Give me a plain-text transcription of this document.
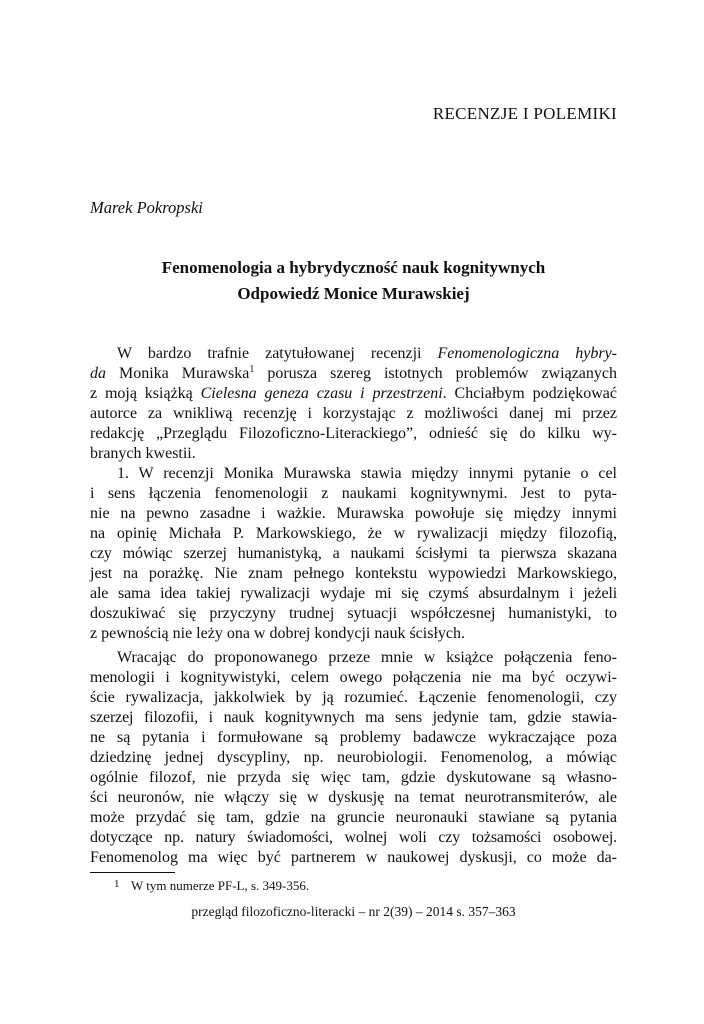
RECENZJE I POLEMIKI
Marek Pokropski
Fenomenologia a hybrydyczność nauk kognitywnych
Odpowiedź Monice Murawskiej
W bardzo trafnie zatytułowanej recenzji Fenomenologiczna hybry-
da Monika Murawska$^1$ porusza szereg istotnych problemów związanych
z moją książką Cielesna geneza czasu i przestrzeni. Chciałbym podziękować
autorce za wnikliwą recenzję i korzystając z możliwości danej mi przez
redakcję „Przeglądu Filozoficzno-Literackiego”, odnieść się do kilku wy-
branych kwestii.
1. W recenzji Monika Murawska stawia między innymi pytanie o cel
i sens łączenia fenomenologii z naukami kognitywnymi. Jest to pyta-
nie na pewno zasadne i ważkie. Murawska powołuje się między innymi
na opinię Michała P. Markowskiego, że w rywalizacji między filozofią,
czy mówiąc szerzej humanistyką, a naukami ścisłymi ta pierwsza skazana
jest na porażkę. Nie znam pełnego kontekstu wypowiedzi Markowskiego,
ale sama idea takiej rywalizacji wydaje mi się czymś absurdalnym i jeżeli
doszukiwać się przyczyny trudnej sytuacji współczesnej humanistyki, to
z pewnością nie leży ona w dobrej kondycji nauk ścisłych.
Wracając do proponowanego przeze mnie w książce połączenia feno-
menologii i kognitywistyki, celem owego połączenia nie ma być oczywi-
ście rywalizacja, jakkolwiek by ją rozumieć. Łączenie fenomenologii, czy
szerzej filozofii, i nauk kognitywnych ma sens jedynie tam, gdzie stawia-
ne są pytania i formułowane są problemy badawcze wykraczające poza
dziedzinę jednej dyscypliny, np. neurobiologii. Fenomenolog, a mówiąc
ogólnie filozof, nie przyda się więc tam, gdzie dyskutowane są własno-
ści neuronów, nie włączy się w dyskusję na temat neurotransmiterów, ale
może przydać się tam, gdzie na gruncie neuronauki stawiane są pytania
dotyczące np. natury świadomości, wolnej woli czy tożsamości osobowej.
Fenomenolog ma więc być partnerem w naukowej dyskusji, co może da-
1 W tym numerze PF-L, s. 349-356.
przegląd filozoficzno-literacki – nr 2(39) – 2014 s. 357–363
